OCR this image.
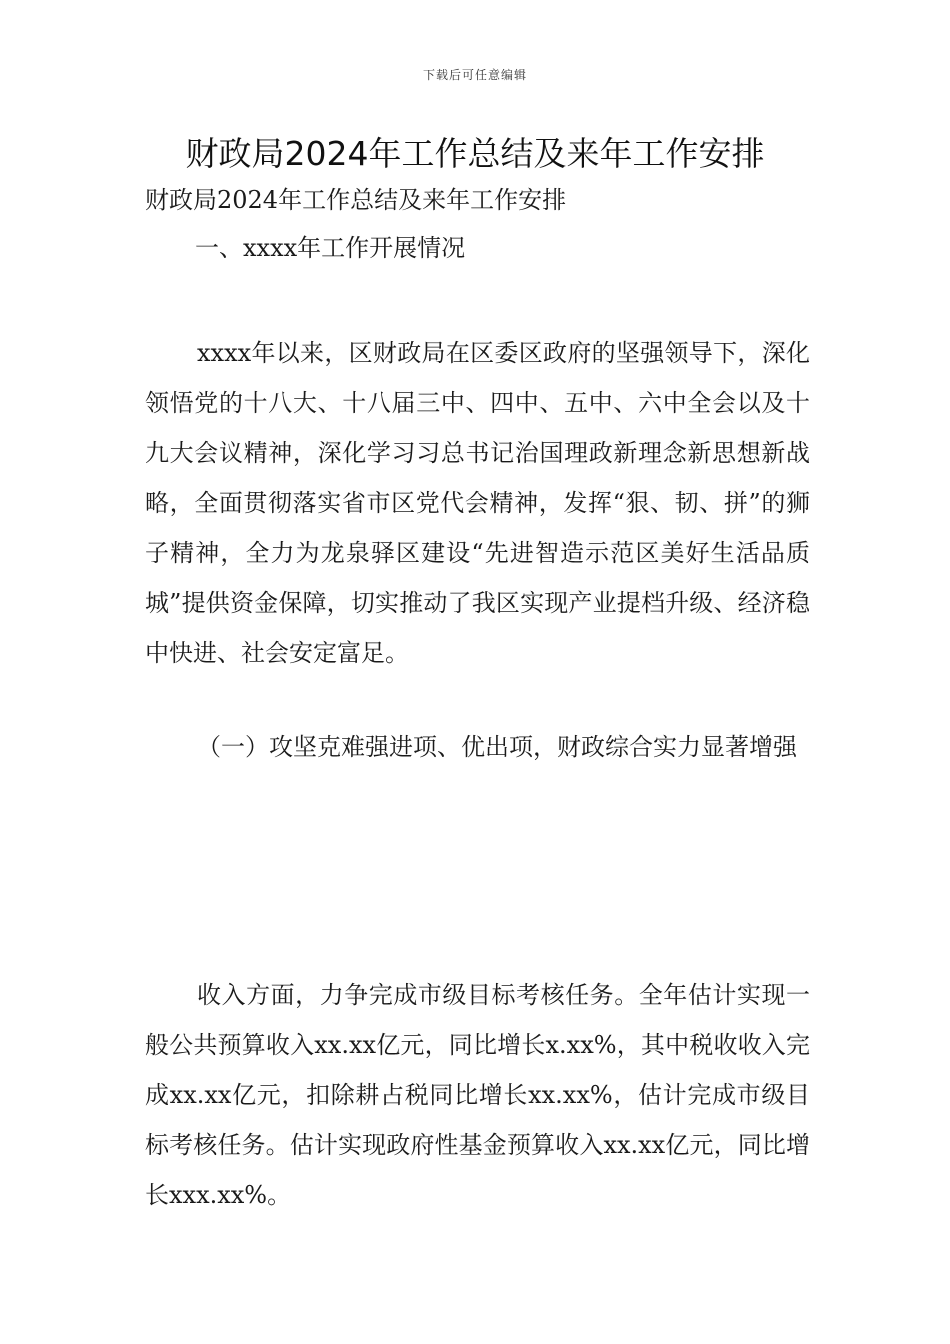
下载后可任意编辑
财政局2024年工作总结及来年工作安排

财政局2024年工作总结及来年工作安排

一、xxxx年工作开展情况

xxxx年以来，区财政局在区委区政府的坚强领导下，深化领悟党的十八大、十八届三中、四中、五中、六中全会以及十九大会议精神，深化学习习总书记治国理政新理念新思想新战略，全面贯彻落实省市区党代会精神，发挥“狠、韧、拼”的狮子精神，全力为龙泉驿区建设“先进智造示范区美好生活品质城”提供资金保障，切实推动了我区实现产业提档升级、经济稳中快进、社会安定富足。

（一）攻坚克难强进项、优出项，财政综合实力显著增强

收入方面，力争完成市级目标考核任务。全年估计实现一般公共预算收入xx.xx亿元，同比增长x.xx%，其中税收收入完成xx.xx亿元，扣除耕占税同比增长xx.xx%，估计完成市级目标考核任务。估计实现政府性基金预算收入xx.xx亿元，同比增长xxx.xx%。
